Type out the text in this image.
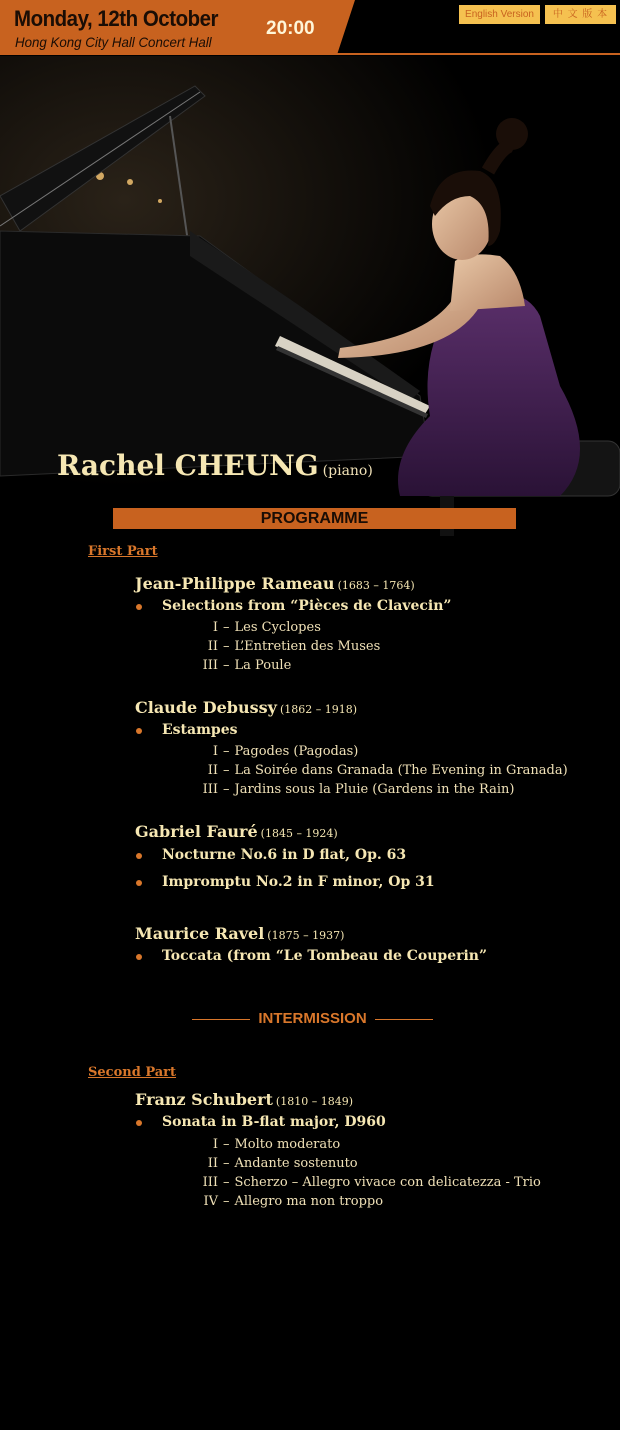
Monday, 12th October
Hong Kong City Hall Concert Hall
20:00
English Version	中 文 版 本
Rachel CHEUNG (piano)
PROGRAMME
First Part
Jean-Philippe Rameau (1683 – 1764)
Selections from “Pièces de Clavecin”
I – Les Cyclopes
II – L’Entretien des Muses
III – La Poule
Claude Debussy (1862 – 1918)
Estampes
I – Pagodes (Pagodas)
II – La Soirée dans Granada (The Evening in Granada)
III – Jardins sous la Pluie (Gardens in the Rain)
Gabriel Fauré (1845 – 1924)
Nocturne No.6 in D flat, Op. 63
Impromptu No.2 in F minor, Op 31
Maurice Ravel (1875 – 1937)
Toccata (from “Le Tombeau de Couperin”
INTERMISSION
Second Part
Franz Schubert (1810 – 1849)
Sonata in B-flat major, D960
I – Molto moderato
II – Andante sostenuto
III – Scherzo – Allegro vivace con delicatezza - Trio
IV – Allegro ma non troppo
